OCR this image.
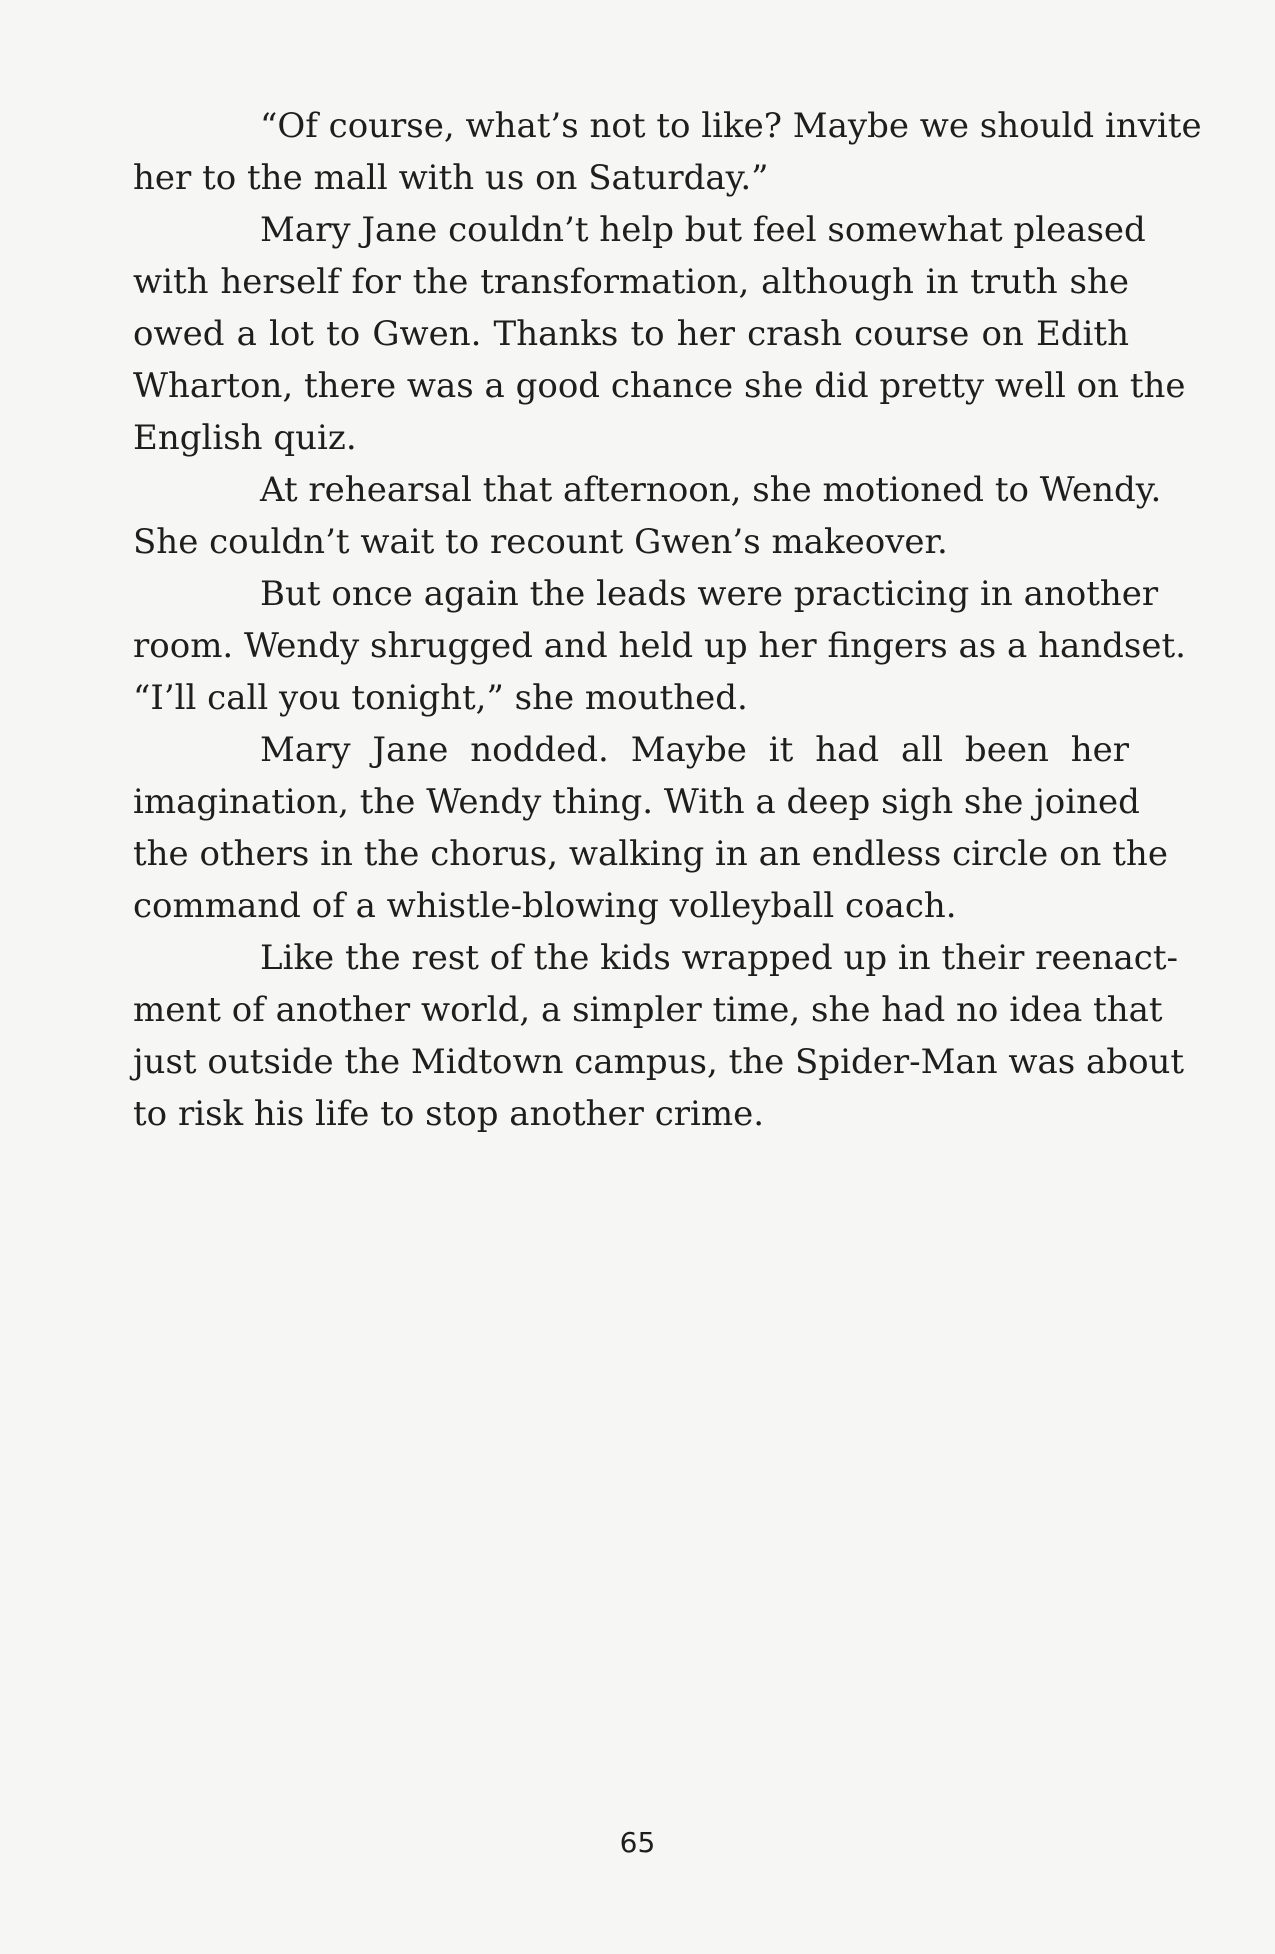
“Of course, what’s not to like? Maybe we should invite
her to the mall with us on Saturday.”
Mary Jane couldn’t help but feel somewhat pleased
with herself for the transformation, although in truth she
owed a lot to Gwen. Thanks to her crash course on Edith
Wharton, there was a good chance she did pretty well on the
English quiz.
At rehearsal that afternoon, she motioned to Wendy.
She couldn’t wait to recount Gwen’s makeover.
But once again the leads were practicing in another
room. Wendy shrugged and held up her fingers as a handset.
“I’ll call you tonight,” she mouthed.
Mary Jane nodded. Maybe it had all been her
imagination, the Wendy thing. With a deep sigh she joined
the others in the chorus, walking in an endless circle on the
command of a whistle-blowing volleyball coach.
Like the rest of the kids wrapped up in their reenact-
ment of another world, a simpler time, she had no idea that
just outside the Midtown campus, the Spider-Man was about
to risk his life to stop another crime.
65
